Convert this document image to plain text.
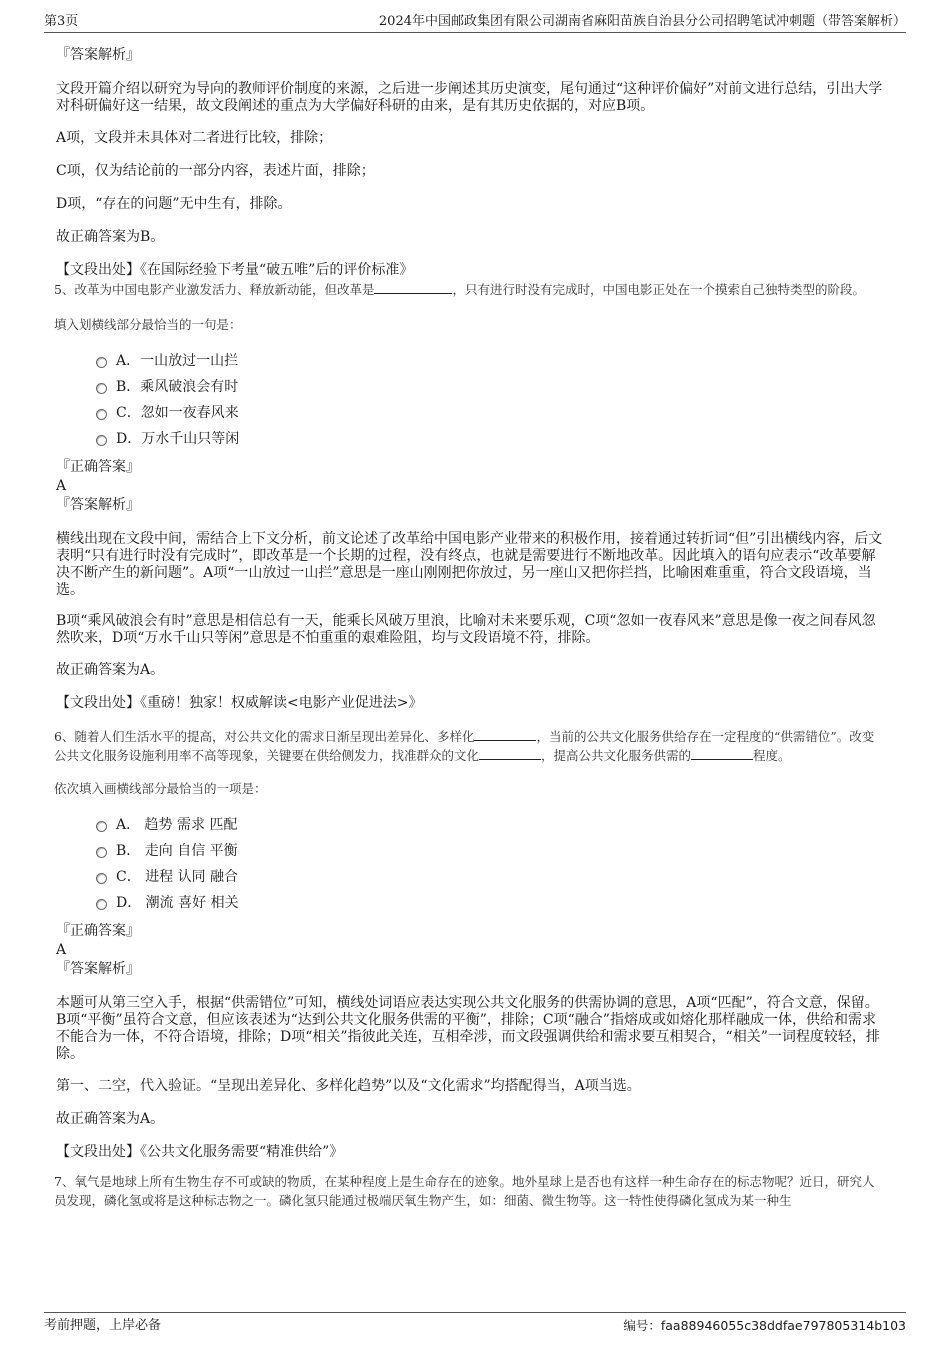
第3页	2024年中国邮政集团有限公司湖南省麻阳苗族自治县分公司招聘笔试冲刺题（带答案解析）

『答案解析』

文段开篇介绍以研究为导向的教师评价制度的来源，之后进一步阐述其历史演变，尾句通过“这种评价偏好”对前文进行总结，引出大学对科研偏好这一结果，故文段阐述的重点为大学偏好科研的由来，是有其历史依据的，对应B项。

A项，文段并未具体对二者进行比较，排除；

C项，仅为结论前的一部分内容，表述片面，排除；

D项，“存在的问题”无中生有，排除。

故正确答案为B。

【文段出处】《在国际经验下考量“破五唯”后的评价标准》

5、改革为中国电影产业激发活力、释放新动能，但改革是	，只有进行时没有完成时，中国电影正处在一个摸索自己独特类型的阶段。

填入划横线部分最恰当的一句是：

A．一山放过一山拦
B．乘风破浪会有时
C．忽如一夜春风来
D．万水千山只等闲

『正确答案』

A

『答案解析』

横线出现在文段中间，需结合上下文分析，前文论述了改革给中国电影产业带来的积极作用，接着通过转折词“但”引出横线内容，后文表明“只有进行时没有完成时”，即改革是一个长期的过程，没有终点，也就是需要进行不断地改革。因此填入的语句应表示“改革要解决不断产生的新问题”。A项“一山放过一山拦”意思是一座山刚刚把你放过，另一座山又把你拦挡，比喻困难重重，符合文段语境，当选。

B项“乘风破浪会有时”意思是相信总有一天，能乘长风破万里浪，比喻对未来要乐观，C项“忽如一夜春风来”意思是像一夜之间春风忽然吹来，D项“万水千山只等闲”意思是不怕重重的艰难险阻，均与文段语境不符，排除。

故正确答案为A。

【文段出处】《重磅！独家！权威解读<电影产业促进法>》

6、随着人们生活水平的提高，对公共文化的需求日渐呈现出差异化、多样化	，当前的公共文化服务供给存在一定程度的“供需错位”。改变公共文化服务设施利用率不高等现象，关键要在供给侧发力，找准群众的文化	，提高公共文化服务供需的	程度。

依次填入画横线部分最恰当的一项是：

A． 趋势 需求 匹配
B． 走向 自信 平衡
C． 进程 认同 融合
D． 潮流 喜好 相关

『正确答案』

A

『答案解析』

本题可从第三空入手，根据“供需错位”可知，横线处词语应表达实现公共文化服务的供需协调的意思，A项“匹配”，符合文意，保留。B项“平衡”虽符合文意，但应该表述为“达到公共文化服务供需的平衡”，排除；C项“融合”指熔成或如熔化那样融成一体，供给和需求不能合为一体，不符合语境，排除；D项“相关”指彼此关连，互相牵涉，而文段强调供给和需求要互相契合，“相关”一词程度较轻，排除。

第一、二空，代入验证。“呈现出差异化、多样化趋势”以及“文化需求”均搭配得当，A项当选。

故正确答案为A。

【文段出处】《公共文化服务需要“精准供给”》

7、氧气是地球上所有生物生存不可或缺的物质，在某种程度上是生命存在的迹象。地外星球上是否也有这样一种生命存在的标志物呢？近日，研究人员发现，磷化氢或将是这种标志物之一。磷化氢只能通过极端厌氧生物产生，如：细菌、微生物等。这一特性使得磷化氢成为某一种生

考前押题，上岸必备	编号：faa88946055c38ddfae797805314b103
